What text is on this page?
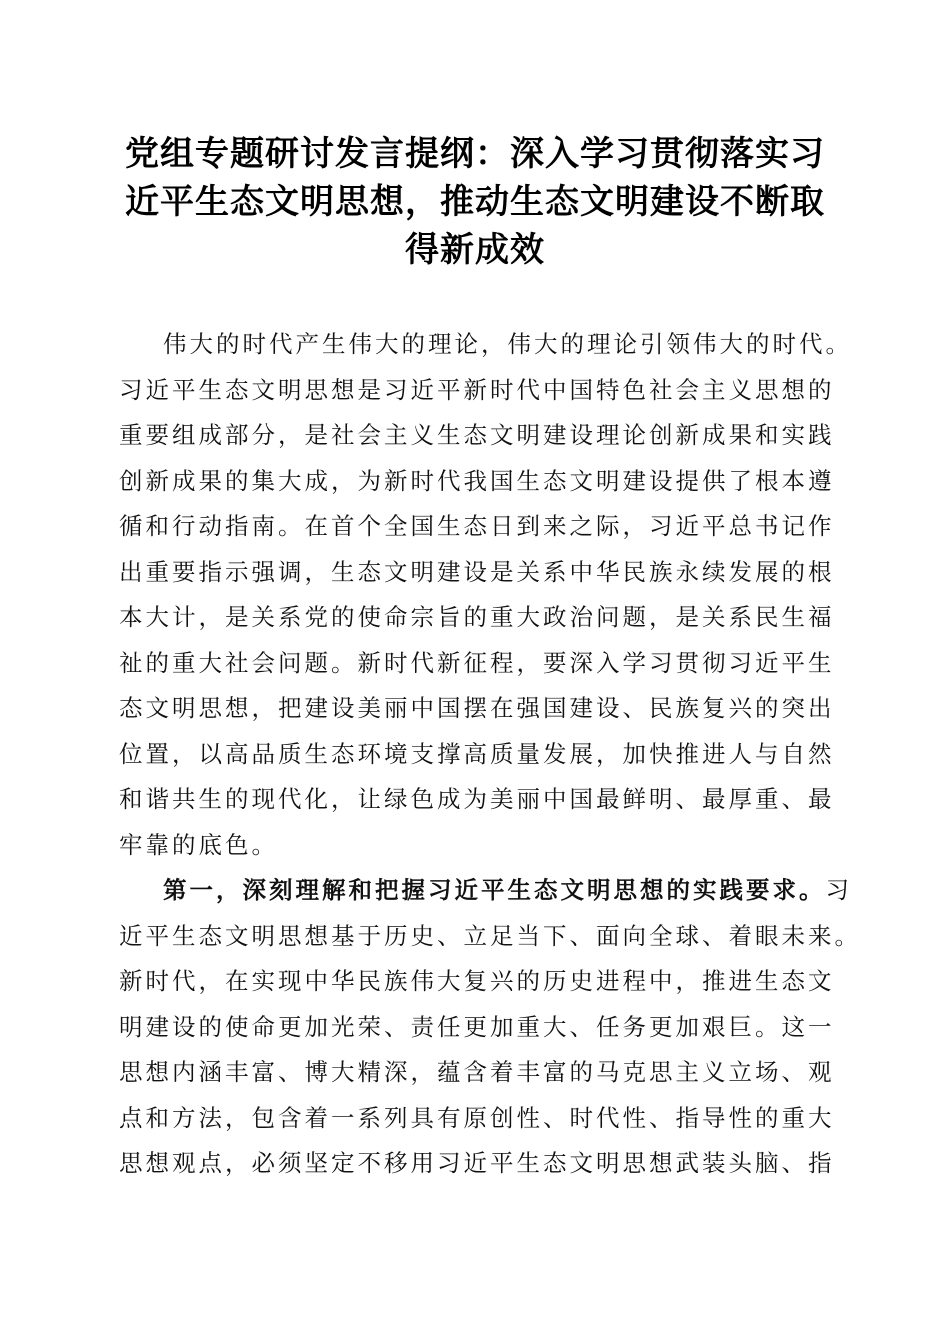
党组专题研讨发言提纲：深入学习贯彻落实习
近平生态文明思想，推动生态文明建设不断取
得新成效

伟大的时代产生伟大的理论，伟大的理论引领伟大的时代。
习近平生态文明思想是习近平新时代中国特色社会主义思想的
重要组成部分，是社会主义生态文明建设理论创新成果和实践
创新成果的集大成，为新时代我国生态文明建设提供了根本遵
循和行动指南。在首个全国生态日到来之际，习近平总书记作
出重要指示强调，生态文明建设是关系中华民族永续发展的根
本大计，是关系党的使命宗旨的重大政治问题，是关系民生福
祉的重大社会问题。新时代新征程，要深入学习贯彻习近平生
态文明思想，把建设美丽中国摆在强国建设、民族复兴的突出
位置，以高品质生态环境支撑高质量发展，加快推进人与自然
和谐共生的现代化，让绿色成为美丽中国最鲜明、最厚重、最
牢靠的底色。

第一，深刻理解和把握习近平生态文明思想的实践要求。习
近平生态文明思想基于历史、立足当下、面向全球、着眼未来。
新时代，在实现中华民族伟大复兴的历史进程中，推进生态文
明建设的使命更加光荣、责任更加重大、任务更加艰巨。这一
思想内涵丰富、博大精深，蕴含着丰富的马克思主义立场、观
点和方法，包含着一系列具有原创性、时代性、指导性的重大
思想观点，必须坚定不移用习近平生态文明思想武装头脑、指
